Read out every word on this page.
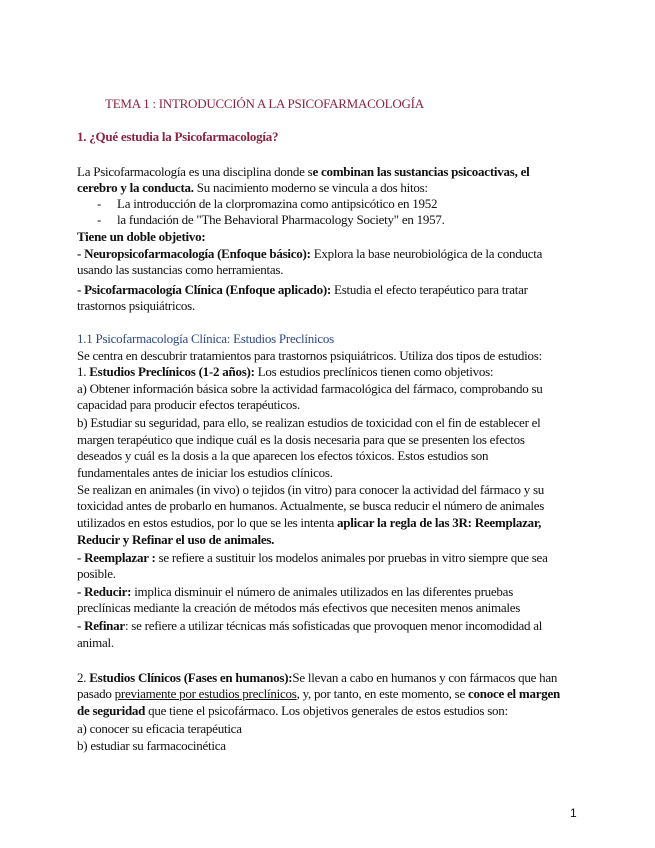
TEMA 1 : INTRODUCCIÓN A LA PSICOFARMACOLOGÍA
1. ¿Qué estudia la Psicofarmacología?
La Psicofarmacología es una disciplina donde se combinan las sustancias psicoactivas, el
cerebro y la conducta. Su nacimiento moderno se vincula a dos hitos:
- La introducción de la clorpromazina como antipsicótico en 1952
- la fundación de "The Behavioral Pharmacology Society" en 1957.
Tiene un doble objetivo:
- Neuropsicofarmacología (Enfoque básico): Explora la base neurobiológica de la conducta
usando las sustancias como herramientas.
- Psicofarmacología Clínica (Enfoque aplicado): Estudia el efecto terapéutico para tratar
trastornos psiquiátricos.
1.1 Psicofarmacología Clínica: Estudios Preclínicos
Se centra en descubrir tratamientos para trastornos psiquiátricos. Utiliza dos tipos de estudios:
1. Estudios Preclínicos (1-2 años): Los estudios preclínicos tienen como objetivos:
a) Obtener información básica sobre la actividad farmacológica del fármaco, comprobando su
capacidad para producir efectos terapéuticos.
b) Estudiar su seguridad, para ello, se realizan estudios de toxicidad con el fin de establecer el
margen terapéutico que indique cuál es la dosis necesaria para que se presenten los efectos
deseados y cuál es la dosis a la que aparecen los efectos tóxicos. Estos estudios son
fundamentales antes de iniciar los estudios clínicos.
Se realizan en animales (in vivo) o tejidos (in vitro) para conocer la actividad del fármaco y su
toxicidad antes de probarlo en humanos. Actualmente, se busca reducir el número de animales
utilizados en estos estudios, por lo que se les intenta aplicar la regla de las 3R: Reemplazar,
Reducir y Refinar el uso de animales.
- Reemplazar : se refiere a sustituir los modelos animales por pruebas in vitro siempre que sea
posible.
- Reducir: implica disminuir el número de animales utilizados en las diferentes pruebas
preclínicas mediante la creación de métodos más efectivos que necesiten menos animales
- Refinar: se refiere a utilizar técnicas más sofisticadas que provoquen menor incomodidad al
animal.
2. Estudios Clínicos (Fases en humanos):Se llevan a cabo en humanos y con fármacos que han
pasado previamente por estudios preclínicos, y, por tanto, en este momento, se conoce el margen
de seguridad que tiene el psicofármaco. Los objetivos generales de estos estudios son:
a) conocer su eficacia terapéutica
b) estudiar su farmacocinética
1
